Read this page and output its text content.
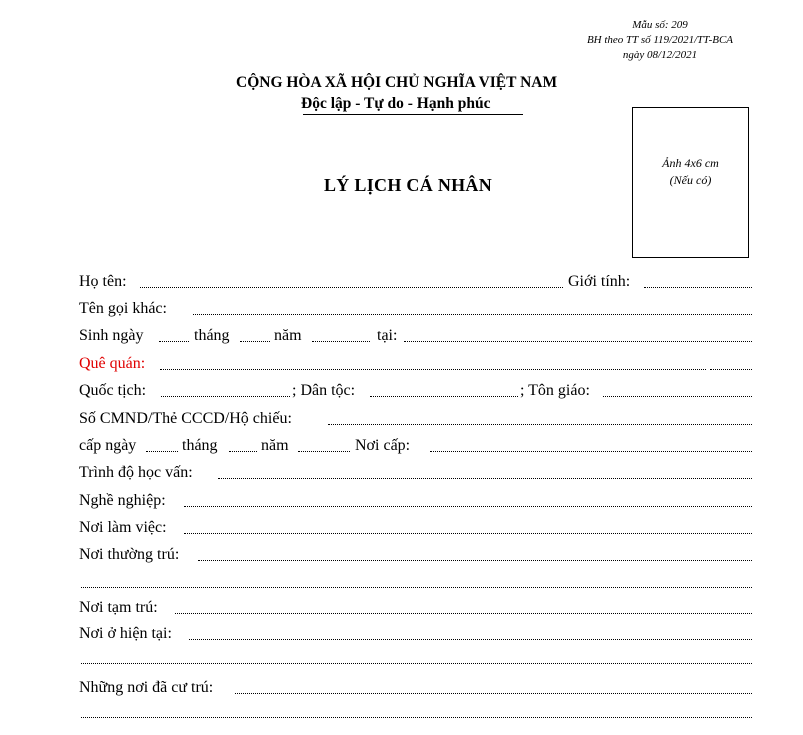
Mẫu số: 209
BH theo TT số 119/2021/TT-BCA
ngày 08/12/2021
CỘNG HÒA XÃ HỘI CHỦ NGHĨA VIỆT NAM
Độc lập - Tự do - Hạnh phúc
LÝ LỊCH CÁ NHÂN
Ảnh 4x6 cm
(Nếu có)
Họ tên:	Giới tính:
Tên gọi khác:
Sinh ngày	tháng	năm	tại:
Quê quán:
Quốc tịch:	; Dân tộc:	; Tôn giáo:
Số CMND/Thẻ CCCD/Hộ chiếu:
cấp ngày	tháng	năm	Nơi cấp:
Trình độ học vấn:
Nghề nghiệp:
Nơi làm việc:
Nơi thường trú:
Nơi tạm trú:
Nơi ở hiện tại:
Những nơi đã cư trú:
